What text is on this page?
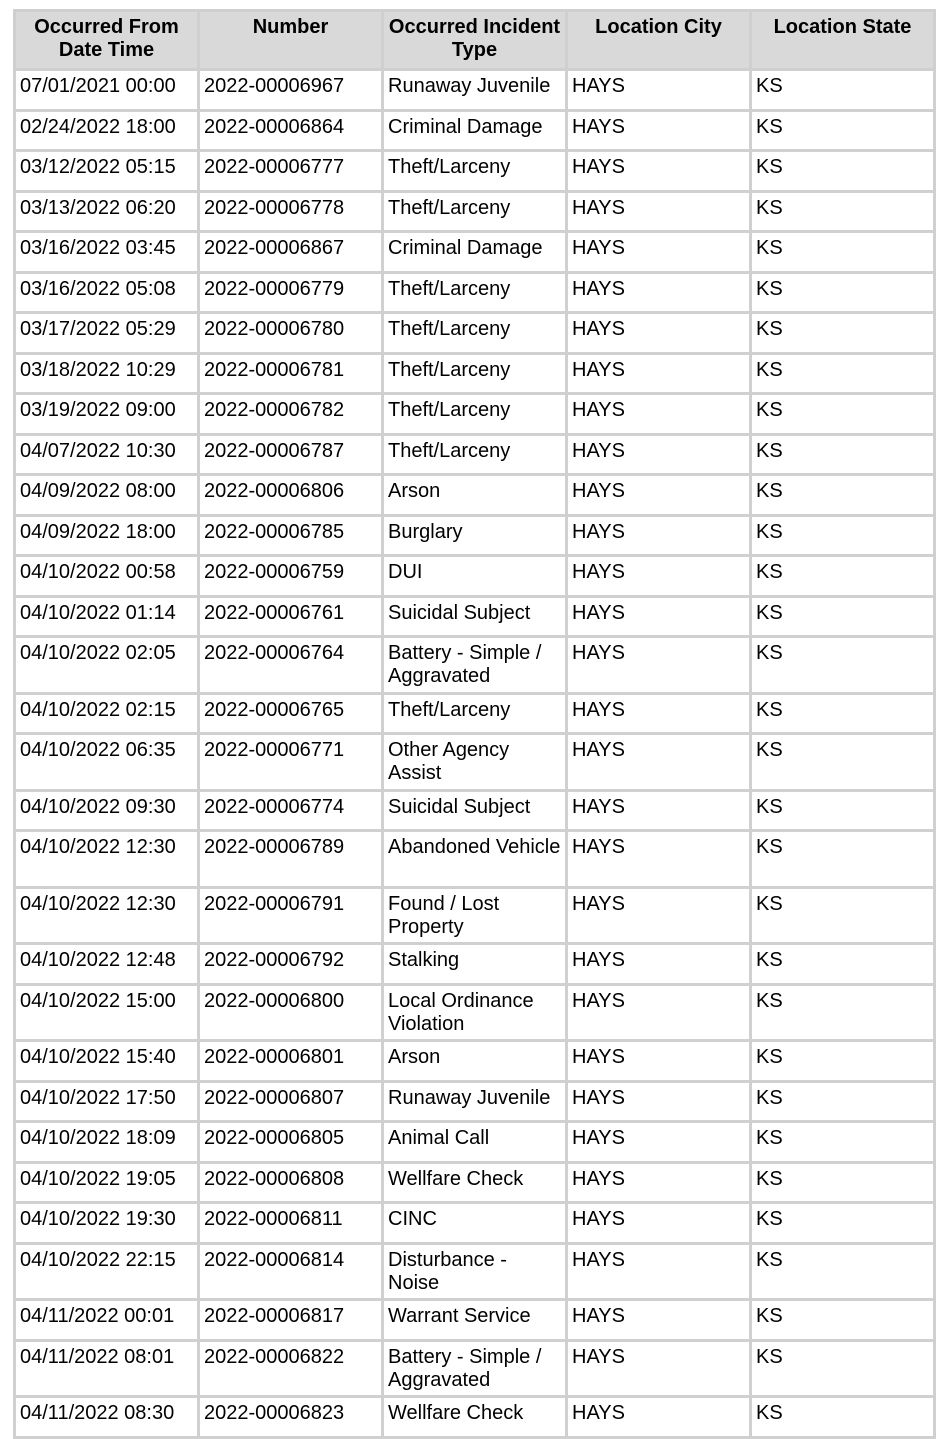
Occurred From Date Time	Number	Occurred Incident Type	Location City	Location State
07/01/2021 00:00	2022-00006967	Runaway Juvenile	HAYS	KS
02/24/2022 18:00	2022-00006864	Criminal Damage	HAYS	KS
03/12/2022 05:15	2022-00006777	Theft/Larceny	HAYS	KS
03/13/2022 06:20	2022-00006778	Theft/Larceny	HAYS	KS
03/16/2022 03:45	2022-00006867	Criminal Damage	HAYS	KS
03/16/2022 05:08	2022-00006779	Theft/Larceny	HAYS	KS
03/17/2022 05:29	2022-00006780	Theft/Larceny	HAYS	KS
03/18/2022 10:29	2022-00006781	Theft/Larceny	HAYS	KS
03/19/2022 09:00	2022-00006782	Theft/Larceny	HAYS	KS
04/07/2022 10:30	2022-00006787	Theft/Larceny	HAYS	KS
04/09/2022 08:00	2022-00006806	Arson	HAYS	KS
04/09/2022 18:00	2022-00006785	Burglary	HAYS	KS
04/10/2022 00:58	2022-00006759	DUI	HAYS	KS
04/10/2022 01:14	2022-00006761	Suicidal Subject	HAYS	KS
04/10/2022 02:05	2022-00006764	Battery - Simple / Aggravated	HAYS	KS
04/10/2022 02:15	2022-00006765	Theft/Larceny	HAYS	KS
04/10/2022 06:35	2022-00006771	Other Agency Assist	HAYS	KS
04/10/2022 09:30	2022-00006774	Suicidal Subject	HAYS	KS
04/10/2022 12:30	2022-00006789	Abandoned Vehicle	HAYS	KS
04/10/2022 12:30	2022-00006791	Found / Lost Property	HAYS	KS
04/10/2022 12:48	2022-00006792	Stalking	HAYS	KS
04/10/2022 15:00	2022-00006800	Local Ordinance Violation	HAYS	KS
04/10/2022 15:40	2022-00006801	Arson	HAYS	KS
04/10/2022 17:50	2022-00006807	Runaway Juvenile	HAYS	KS
04/10/2022 18:09	2022-00006805	Animal Call	HAYS	KS
04/10/2022 19:05	2022-00006808	Wellfare Check	HAYS	KS
04/10/2022 19:30	2022-00006811	CINC	HAYS	KS
04/10/2022 22:15	2022-00006814	Disturbance - Noise	HAYS	KS
04/11/2022 00:01	2022-00006817	Warrant Service	HAYS	KS
04/11/2022 08:01	2022-00006822	Battery - Simple / Aggravated	HAYS	KS
04/11/2022 08:30	2022-00006823	Wellfare Check	HAYS	KS
